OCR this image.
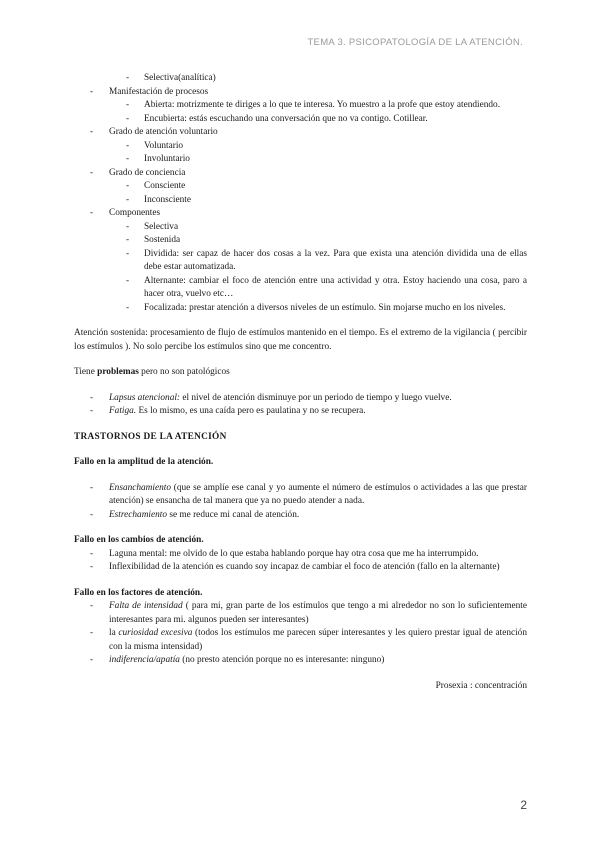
TEMA 3. PSICOPATOLOGÍA DE LA ATENCIÓN.
- Selectiva(analítica)
- Manifestación de procesos
- Abierta: motrizmente te diriges a lo que te interesa. Yo muestro a la profe que estoy atendiendo.
- Encubierta: estás escuchando una conversación que no va contigo. Cotillear.
- Grado de atención voluntario
- Voluntario
- Involuntario
- Grado de conciencia
- Consciente
- Inconsciente
- Componentes
- Selectiva
- Sostenida
- Dividida: ser capaz de hacer dos cosas a la vez. Para que exista una atención dividida una de ellas debe estar automatizada.
- Alternante: cambiar el foco de atención entre una actividad y otra. Estoy haciendo una cosa, paro a hacer otra, vuelvo etc…
- Focalizada: prestar atención a diversos niveles de un estímulo. Sin mojarse mucho en los niveles.

Atención sostenida: procesamiento de flujo de estímulos mantenido en el tiempo. Es el extremo de la vigilancia ( percibir los estímulos ). No solo percibe los estímulos sino que me concentro.

Tiene problemas pero no son patológicos

- Lapsus atencional: el nivel de atención disminuye por un periodo de tiempo y luego vuelve.
- Fatiga. Es lo mismo, es una caída pero es paulatina y no se recupera.

TRASTORNOS DE LA ATENCIÓN

Fallo en la amplitud de la atención.

- Ensanchamiento (que se amplíe ese canal y yo aumente el número de estímulos o actividades a las que prestar atención) se ensancha de tal manera que ya no puedo atender a nada.
- Estrechamiento se me reduce mi canal de atención.

Fallo en los cambios de atención.

- Laguna mental: me olvido de lo que estaba hablando porque hay otra cosa que me ha interrumpido.
- Inflexibilidad de la atención es cuando soy incapaz de cambiar el foco de atención (fallo en la alternante)

Fallo en los factores de atención.

- Falta de intensidad ( para mi, gran parte de los estímulos que tengo a mi alrededor no son lo suficientemente interesantes para mi. algunos pueden ser interesantes)
- la curiosidad excesiva (todos los estímulos me parecen súper interesantes y les quiero prestar igual de atención con la misma intensidad)
- indiferencia/apatía (no presto atención porque no es interesante: ninguno)

Prosexia : concentración

2
